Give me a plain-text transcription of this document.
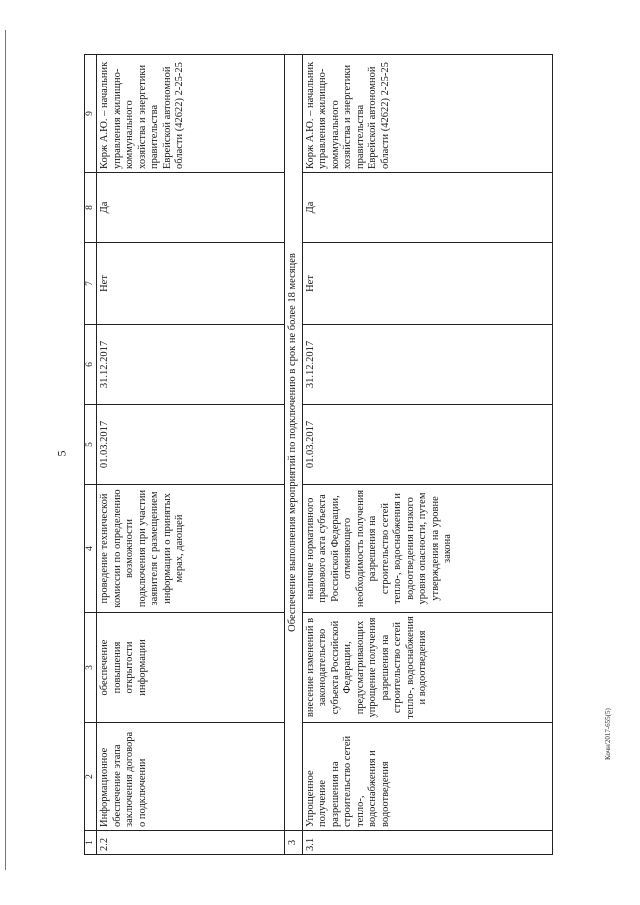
5
Кочн/2017-655(5)
1	2	3	4	5	6	7	8	9
2.2	Информационное обеспечение этапа заключения договора о подключении	обеспечение повышения открытости информации	проведение технической комиссии по определению возможности подключения при участии заявителя с размещением информации о принятых мерах, дающей	01.03.2017	31.12.2017	Нет	Да	Корж А.Ю. – начальник управления жилищно-коммунального хозяйства и энергетики правительства Еврейской автономной области (42622) 2-25-25
3	Обеспечение выполнения мероприятий по подключению в срок не более 18 месяцев							
3.1	Упрощенное получение разрешения на строительство сетей тепло-, водоснабжения и водоотведения	внесение изменений в законодательство субъекта Российской Федерации, предусматривающих упрощение получения разрешения на строительство сетей тепло-, водоснабжения и водоотведения	наличие нормативного правового акта субъекта Российской Федерации, отменяющего необходимость получения разрешения на строительство сетей тепло-, водоснабжения и водоотведения низкого уровня опасности, путем утверждения на уровне закона	01.03.2017	31.12.2017	Нет	Да	Корж А.Ю. – начальник управления жилищно-коммунального хозяйства и энергетики правительства Еврейской автономной области (42622) 2-25-25
